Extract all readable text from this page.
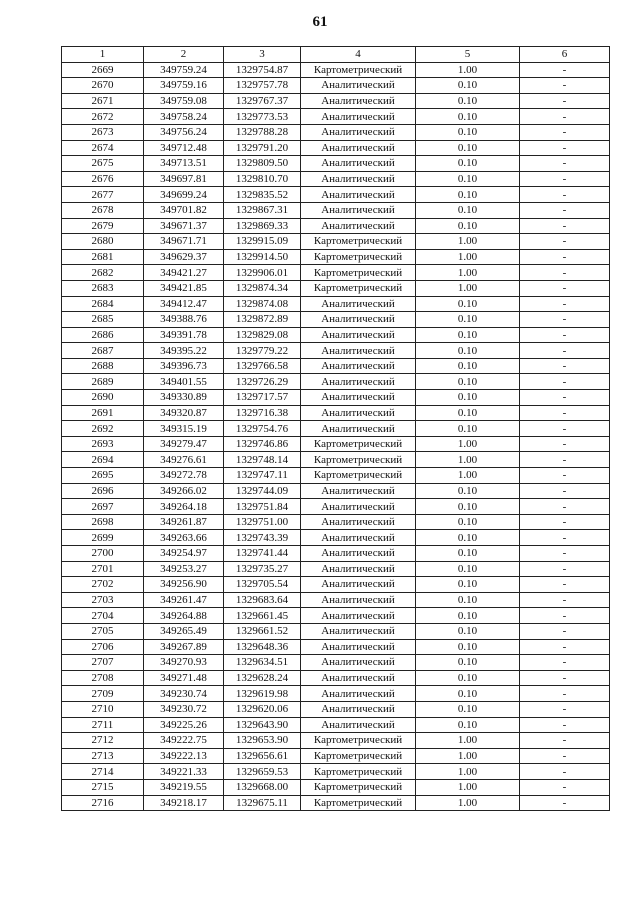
61
1	2	3	4	5	6
2669	349759.24	1329754.87	Картометрический	1.00	-
2670	349759.16	1329757.78	Аналитический	0.10	-
2671	349759.08	1329767.37	Аналитический	0.10	-
2672	349758.24	1329773.53	Аналитический	0.10	-
2673	349756.24	1329788.28	Аналитический	0.10	-
2674	349712.48	1329791.20	Аналитический	0.10	-
2675	349713.51	1329809.50	Аналитический	0.10	-
2676	349697.81	1329810.70	Аналитический	0.10	-
2677	349699.24	1329835.52	Аналитический	0.10	-
2678	349701.82	1329867.31	Аналитический	0.10	-
2679	349671.37	1329869.33	Аналитический	0.10	-
2680	349671.71	1329915.09	Картометрический	1.00	-
2681	349629.37	1329914.50	Картометрический	1.00	-
2682	349421.27	1329906.01	Картометрический	1.00	-
2683	349421.85	1329874.34	Картометрический	1.00	-
2684	349412.47	1329874.08	Аналитический	0.10	-
2685	349388.76	1329872.89	Аналитический	0.10	-
2686	349391.78	1329829.08	Аналитический	0.10	-
2687	349395.22	1329779.22	Аналитический	0.10	-
2688	349396.73	1329766.58	Аналитический	0.10	-
2689	349401.55	1329726.29	Аналитический	0.10	-
2690	349330.89	1329717.57	Аналитический	0.10	-
2691	349320.87	1329716.38	Аналитический	0.10	-
2692	349315.19	1329754.76	Аналитический	0.10	-
2693	349279.47	1329746.86	Картометрический	1.00	-
2694	349276.61	1329748.14	Картометрический	1.00	-
2695	349272.78	1329747.11	Картометрический	1.00	-
2696	349266.02	1329744.09	Аналитический	0.10	-
2697	349264.18	1329751.84	Аналитический	0.10	-
2698	349261.87	1329751.00	Аналитический	0.10	-
2699	349263.66	1329743.39	Аналитический	0.10	-
2700	349254.97	1329741.44	Аналитический	0.10	-
2701	349253.27	1329735.27	Аналитический	0.10	-
2702	349256.90	1329705.54	Аналитический	0.10	-
2703	349261.47	1329683.64	Аналитический	0.10	-
2704	349264.88	1329661.45	Аналитический	0.10	-
2705	349265.49	1329661.52	Аналитический	0.10	-
2706	349267.89	1329648.36	Аналитический	0.10	-
2707	349270.93	1329634.51	Аналитический	0.10	-
2708	349271.48	1329628.24	Аналитический	0.10	-
2709	349230.74	1329619.98	Аналитический	0.10	-
2710	349230.72	1329620.06	Аналитический	0.10	-
2711	349225.26	1329643.90	Аналитический	0.10	-
2712	349222.75	1329653.90	Картометрический	1.00	-
2713	349222.13	1329656.61	Картометрический	1.00	-
2714	349221.33	1329659.53	Картометрический	1.00	-
2715	349219.55	1329668.00	Картометрический	1.00	-
2716	349218.17	1329675.11	Картометрический	1.00	-
